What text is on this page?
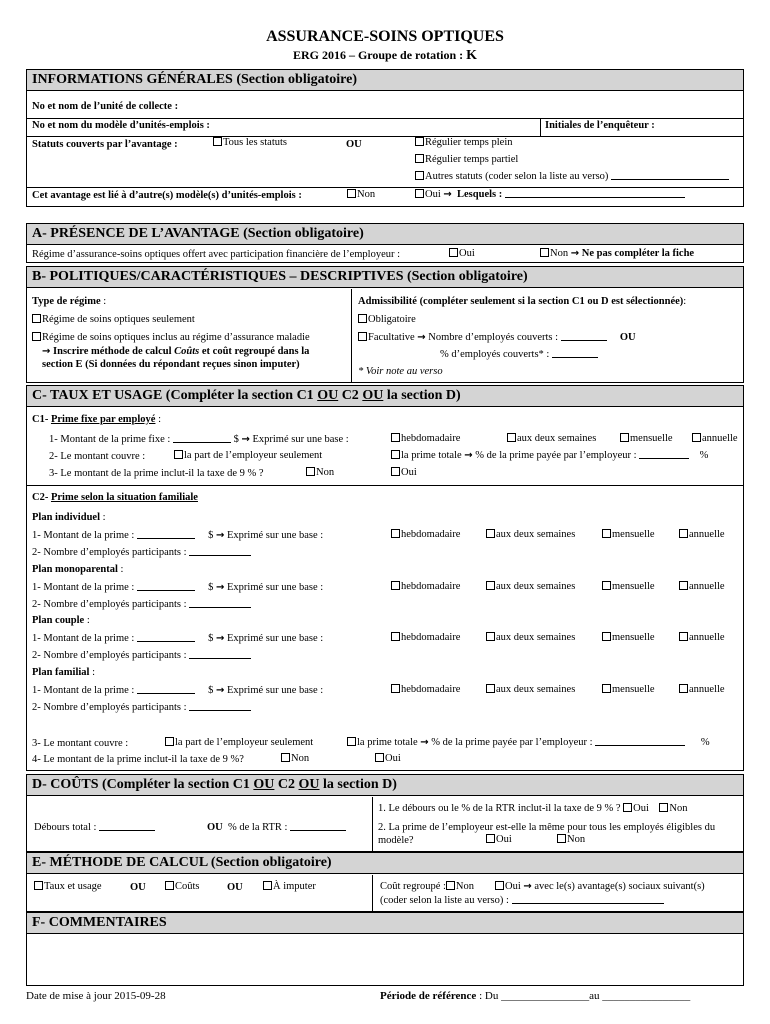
ASSURANCE-SOINS OPTIQUES
ERG 2016 – Groupe de rotation : K
INFORMATIONS GÉNÉRALES (Section obligatoire)
No et nom de l’unité de collecte :
No et nom du modèle d’unités-emplois :	Initiales de l’enquêteur :
Statuts couverts par l’avantage :	Tous les statuts	OU	Régulier temps plein
Régulier temps partiel
Autres statuts (coder selon la liste au verso)
Cet avantage est lié à d’autre(s) modèle(s) d’unités-emplois :	Non	Oui → Lesquels :
A- PRÉSENCE DE L’AVANTAGE (Section obligatoire)
Régime d’assurance-soins optiques offert avec participation financière de l’employeur :	Oui	Non → Ne pas compléter la fiche
B- POLITIQUES/CARACTÉRISTIQUES – DESCRIPTIVES (Section obligatoire)
Type de régime :
Régime de soins optiques seulement
Régime de soins optiques inclus au régime d’assurance maladie
→ Inscrire méthode de calcul Coûts et coût regroupé dans la
section E (Si données du répondant reçues sinon imputer)
Admissibilité (compléter seulement si la section C1 ou D est sélectionnée):
Obligatoire
Facultative → Nombre d’employés couverts :	OU
% d’employés couverts* :
* Voir note au verso
C- TAUX ET USAGE (Compléter la section C1 OU C2 OU la section D)
C1- Prime fixe par employé :
1- Montant de la prime fixe :	$ → Exprimé sur une base :	hebdomadaire	aux deux semaines	mensuelle	annuelle
2- Le montant couvre :	la part de l’employeur seulement	la prime totale → % de la prime payée par l’employeur :	%
3- Le montant de la prime inclut-il la taxe de 9 % ?	Non	Oui
C2- Prime selon la situation familiale
Plan individuel :
1- Montant de la prime :	$ → Exprimé sur une base :	hebdomadaire	aux deux semaines	mensuelle	annuelle
2- Nombre d’employés participants :
Plan monoparental :
1- Montant de la prime :	$ → Exprimé sur une base :	hebdomadaire	aux deux semaines	mensuelle	annuelle
2- Nombre d’employés participants :
Plan couple :
1- Montant de la prime :	$ → Exprimé sur une base :	hebdomadaire	aux deux semaines	mensuelle	annuelle
2- Nombre d’employés participants :
Plan familial :
1- Montant de la prime :	$ → Exprimé sur une base :	hebdomadaire	aux deux semaines	mensuelle	annuelle
2- Nombre d’employés participants :
3- Le montant couvre :	la part de l’employeur seulement	la prime totale → % de la prime payée par l’employeur :	%
4- Le montant de la prime inclut-il la taxe de 9 %?	Non	Oui
D- COÛTS (Compléter la section C1 OU C2 OU la section D)
Débours total :	OU % de la RTR :
1. Le débours ou le % de la RTR inclut-il la taxe de 9 % ? Oui Non
2. La prime de l’employeur est-elle la même pour tous les employés éligibles du
modèle?	Oui	Non
E- MÉTHODE DE CALCUL (Section obligatoire)
Taux et usage	OU	Coûts	OU	À imputer	Coût regroupé : Non	Oui → avec le(s) avantage(s) sociaux suivant(s)
(coder selon la liste au verso) :
F- COMMENTAIRES
Date de mise à jour 2015-09-28	Période de référence : Du ________________au ________________
